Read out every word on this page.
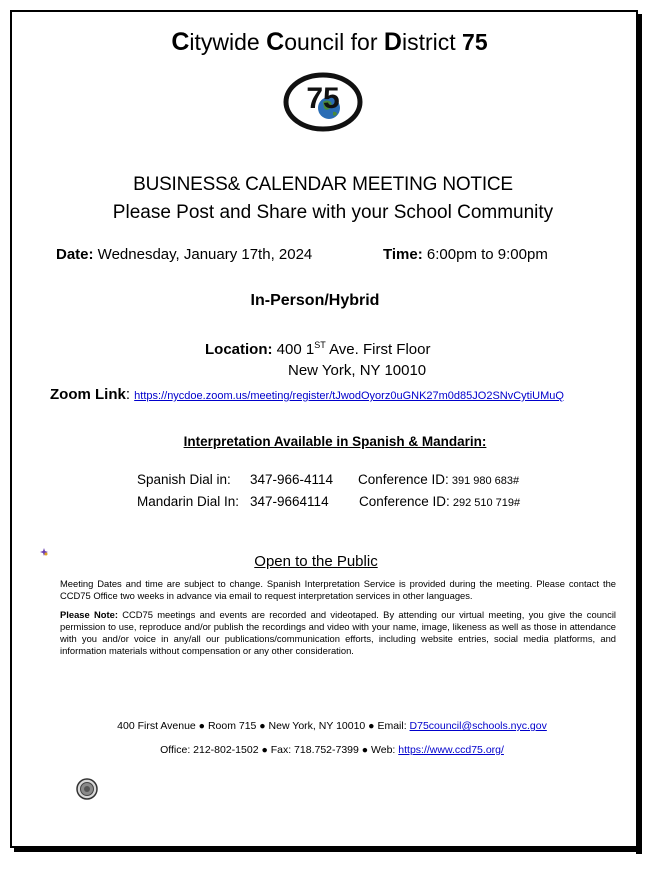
Citywide Council for District 75
75
BUSINESS& CALENDAR MEETING NOTICE
Please Post and Share with your School Community
Date: Wednesday, January 17th, 2024	Time: 6:00pm to 9:00pm
In-Person/Hybrid
Location: 400 1ST Ave. First Floor
New York, NY 10010
Zoom Link: https://nycdoe.zoom.us/meeting/register/tJwodOyorz0uGNK27m0d85JO2SNvCytiUMuQ
Interpretation Available in Spanish & Mandarin:
Spanish Dial in: 347-966-4114 Conference ID: 391 980 683#
Mandarin Dial In: 347-9664114 Conference ID: 292 510 719#
Open to the Public
Meeting Dates and time are subject to change. Spanish Interpretation Service is provided during the meeting. Please contact the CCD75 Office two weeks in advance via email to request interpretation services in other languages.
Please Note: CCD75 meetings and events are recorded and videotaped. By attending our virtual meeting, you give the council permission to use, reproduce and/or publish the recordings and video with your name, image, likeness as well as those in attendance with you and/or voice in any/all our publications/communication efforts, including website entries, social media platforms, and information materials without compensation or any other consideration.
400 First Avenue ● Room 715 ● New York, NY 10010 ● Email: D75council@schools.nyc.gov
Office: 212-802-1502 ● Fax: 718.752-7399 ● Web: https://www.ccd75.org/
